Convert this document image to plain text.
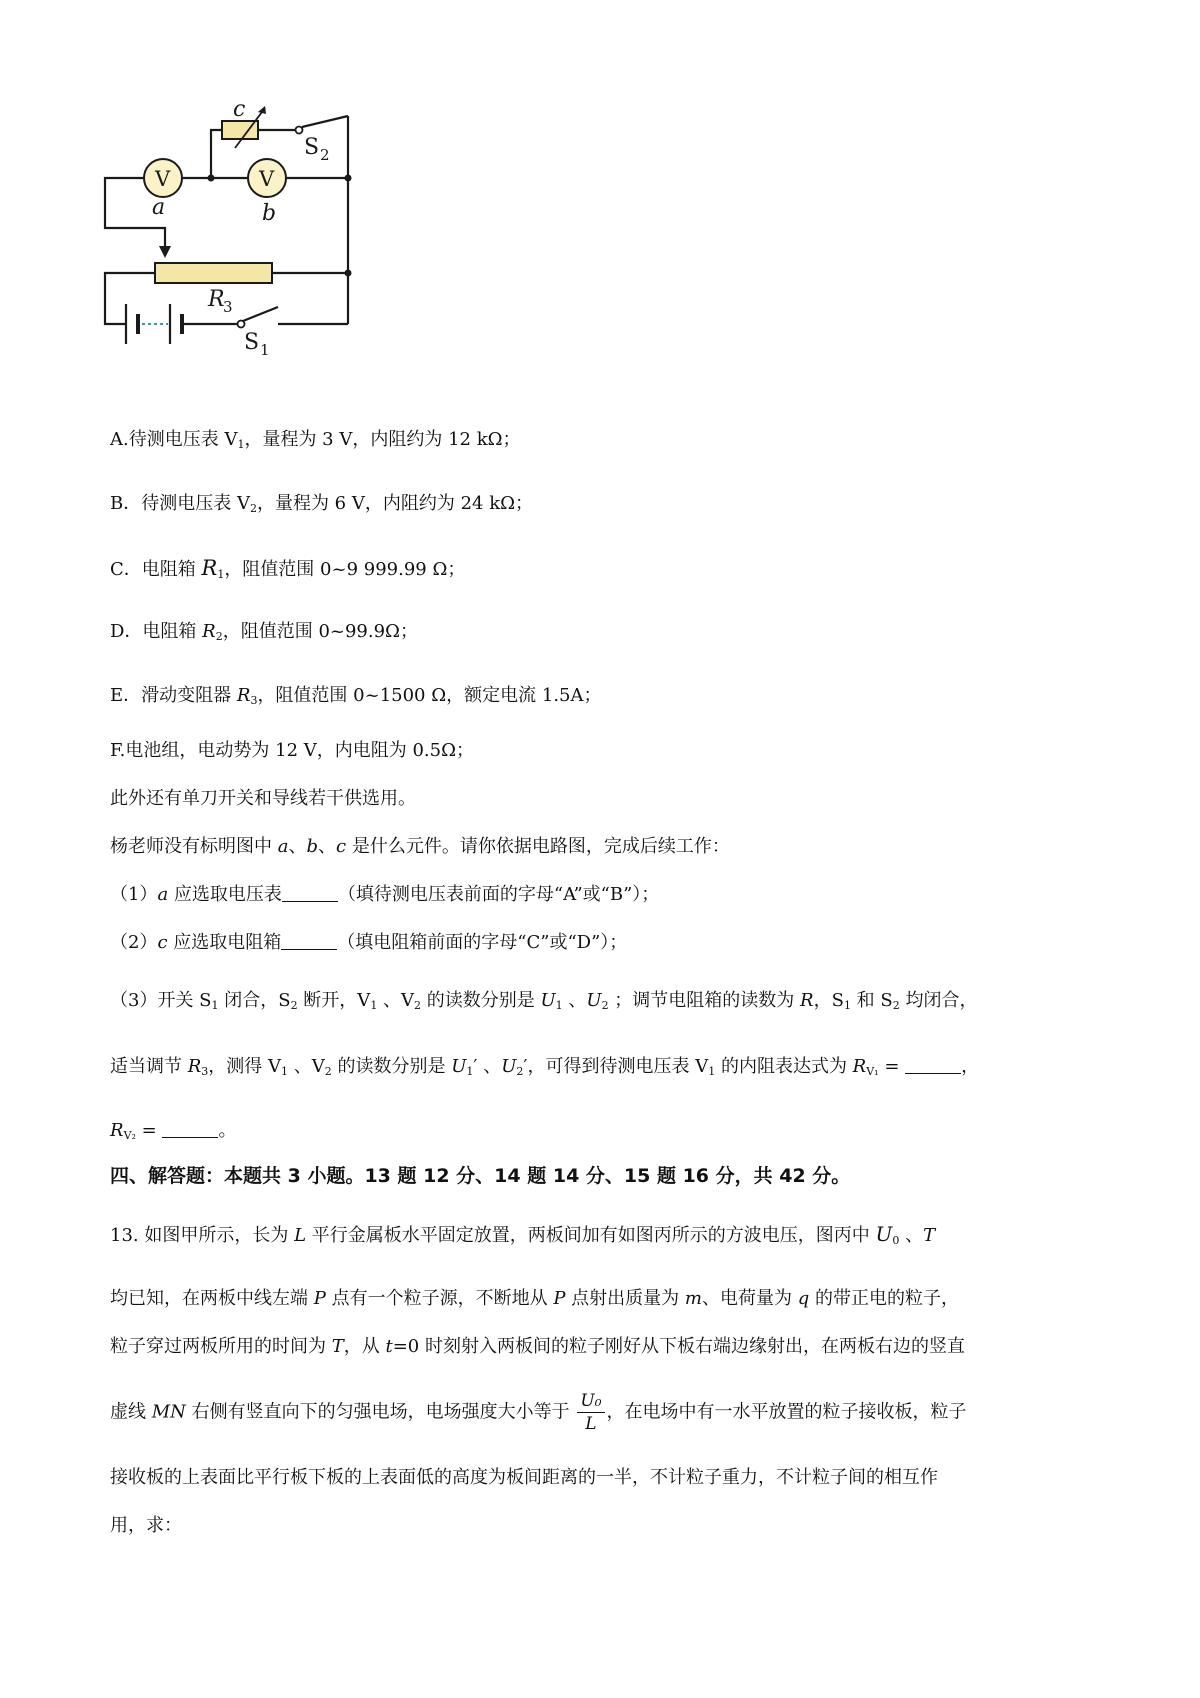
c
S 2
V	V
a	b
R
3
S 1
A.待测电压表 $V_1$，量程为 3 V，内阻约为 12 kΩ；
B．待测电压表 $V_2$，量程为 6 V，内阻约为 24 kΩ；
C．电阻箱 $R_1$，阻值范围 0~9 999.99 Ω；
D．电阻箱 $R_2$，阻值范围 0~99.9Ω；
E．滑动变阻器 $R_3$，阻值范围 0~1500 Ω，额定电流 1.5A；
F.电池组，电动势为 12 V，内电阻为 0.5Ω；
此外还有单刀开关和导线若干供选用。
杨老师没有标明图中 a、b、c 是什么元件。请你依据电路图，完成后续工作：
（1）a 应选取电压表	（填待测电压表前面的字母“A”或“B”）；
（2）c 应选取电阻箱	（填电阻箱前面的字母“C”或“D”）；
（3）开关 $S_1$ 闭合，$S_2$ 断开，$V_1$ 、$V_2$ 的读数分别是 $U_1$ 、$U_2$ ；调节电阻箱的读数为 R，$S_1$ 和 $S_2$ 均闭合，
适当调节 $R_3$，测得 $V_1$ 、$V_2$ 的读数分别是 $U_1'$ 、$U_2'$，可得到待测电压表 $V_1$ 的内阻表达式为 $R_{V_1}$ =	，
$R_{V_2}$ =	。
四、解答题：本题共 3 小题。13 题 12 分、14 题 14 分、15 题 16 分，共 42 分。
13. 如图甲所示，长为 L 平行金属板水平固定放置，两板间加有如图丙所示的方波电压，图丙中 $U_0$ 、T
均已知，在两板中线左端 P 点有一个粒子源，不断地从 P 点射出质量为 m、电荷量为 q 的带正电的粒子，
粒子穿过两板所用的时间为 T，从 t=0 时刻射入两板间的粒子刚好从下板右端边缘射出，在两板右边的竖直
虚线 MN 右侧有竖直向下的匀强电场，电场强度大小等于 $\frac{\text{U₀}}{L}$ ，在电场中有一水平放置的粒子接收板，粒子
接收板的上表面比平行板下板的上表面低的高度为板间距离的一半，不计粒子重力，不计粒子间的相互作
用，求：
